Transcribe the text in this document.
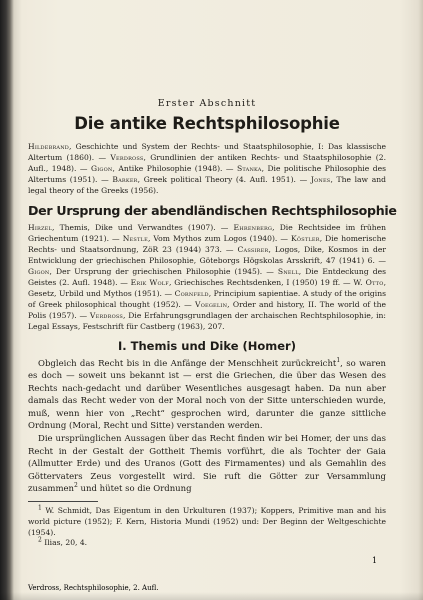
Erster Abschnitt

Die antike Rechtsphilosophie

Hildebrand, Geschichte und System der Rechts- und Staatsphilosophie, I: Das klassische Altertum (1860). — Verdross, Grundlinien der antiken Rechts- und Staatsphilosophie (2. Aufl., 1948). — Gigon, Antike Philosophie (1948). — Stanka, Die politische Philosophie des Altertums (1951). — Barker, Greek political Theory (4. Aufl. 1951). — Jones, The law and legal theory of the Greeks (1956).

Der Ursprung der abendländischen Rechtsphilosophie

Hirzel, Themis, Dike und Verwandtes (1907). — Ehrenberg, Die Rechtsidee im frühen Griechentum (1921). — Nestle, Vom Mythos zum Logos (1940). — Köstler, Die homerische Rechts- und Staatsordnung, ZöR 23 (1944) 373. — Cassirer, Logos, Dike, Kosmos in der Entwicklung der griechischen Philosophie, Göteborgs Högskolas Arsskrift, 47 (1941) 6. — Gigon, Der Ursprung der griechischen Philosophie (1945). — Snell, Die Entdeckung des Geistes (2. Aufl. 1948). — Erik Wolf, Griechisches Rechtsdenken, I (1950) 19 ff. — W. Otto, Gesetz, Urbild und Mythos (1951). — Cornfeld, Principium sapientiae. A study of the origins of Greek philosophical thought (1952). — Voegelin, Order and history, II. The world of the Polis (1957). — Verdross, Die Erfahrungsgrundlagen der archaischen Rechtsphilosophie, in: Legal Essays, Festschrift für Castberg (1963), 207.

I. Themis und Dike (Homer)

Obgleich das Recht bis in die Anfänge der Menschheit zurückreicht$^1$, so waren es doch — soweit uns bekannt ist — erst die Griechen, die über das Wesen des Rechts nach-gedacht und darüber Wesentliches ausgesagt haben. Da nun aber damals das Recht weder von der Moral noch von der Sitte unterschieden wurde, muß, wenn hier von „Recht“ gesprochen wird, darunter die ganze sittliche Ordnung (Moral, Recht und Sitte) verstanden werden.

Die ursprünglichen Aussagen über das Recht finden wir bei Homer, der uns das Recht in der Gestalt der Gottheit Themis vorführt, die als Tochter der Gaia (Allmutter Erde) und des Uranos (Gott des Firmamentes) und als Gemahlin des Göttervaters Zeus vorgestellt wird. Sie ruft die Götter zur Versammlung zusammen$^2$ und hütet so die Ordnung

$^1$ W. Schmidt, Das Eigentum in den Urkulturen (1937); Koppers, Primitive man and his world picture (1952); F. Kern, Historia Mundi (1952) und: Der Beginn der Weltgeschichte (1954).

$^2$ Ilias, 20, 4.

1
Verdross, Rechtsphilosophie, 2. Aufl.
